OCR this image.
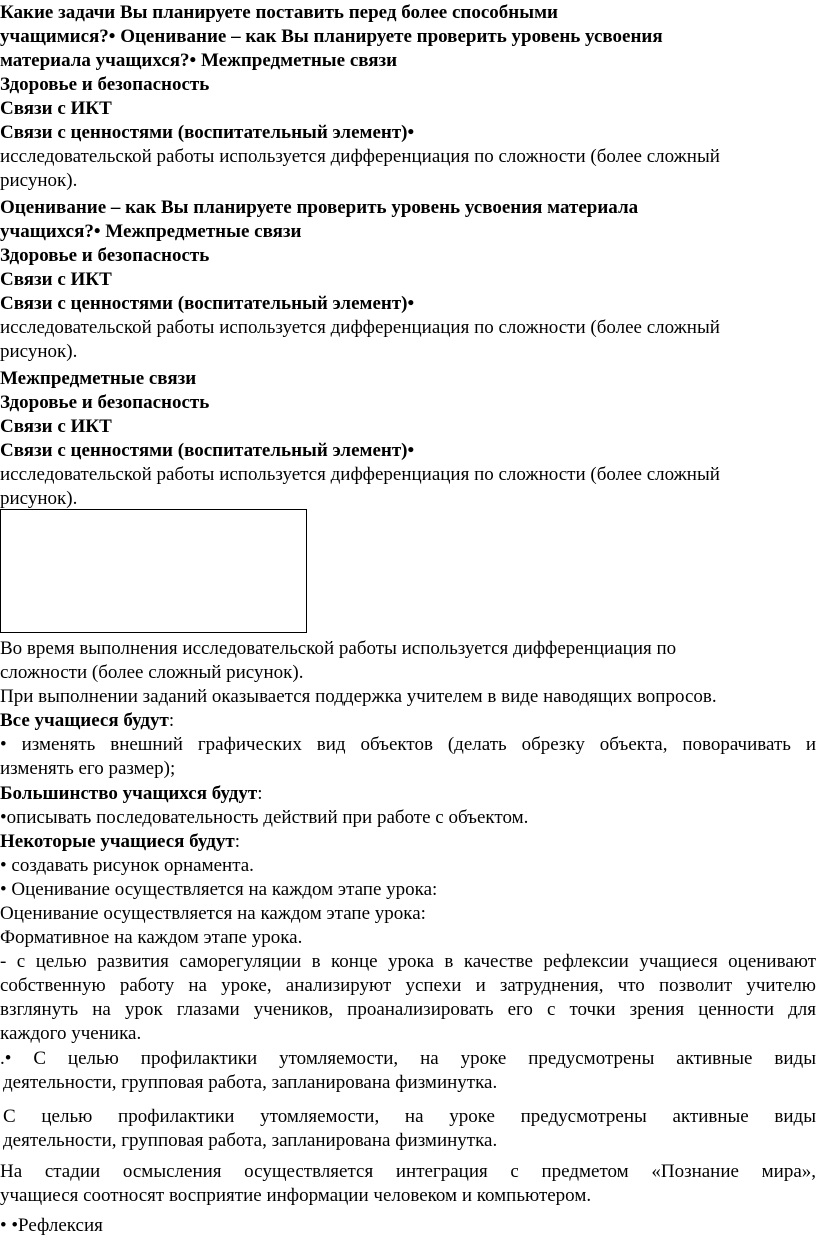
Какие задачи Вы планируете поставить перед более способными
учащимися?• Оценивание – как Вы планируете проверить уровень усвоения
материала учащихся?• Межпредметные связи
Здоровье и безопасность
Связи с ИКТ
Связи с ценностями (воспитательный элемент)•
исследовательской работы используется дифференциация по сложности (более сложный
рисунок).
Оценивание – как Вы планируете проверить уровень усвоения материала
учащихся?• Межпредметные связи
Здоровье и безопасность
Связи с ИКТ
Связи с ценностями (воспитательный элемент)•
исследовательской работы используется дифференциация по сложности (более сложный
рисунок).
Межпредметные связи
Здоровье и безопасность
Связи с ИКТ
Связи с ценностями (воспитательный элемент)•
исследовательской работы используется дифференциация по сложности (более сложный
рисунок).
Во время выполнения исследовательской работы используется дифференциация по
сложности (более сложный рисунок).
При выполнении заданий оказывается поддержка учителем в виде наводящих вопросов.
Все учащиеся будут:
• изменять внешний графических вид объектов (делать обрезку объекта, поворачивать и
изменять его размер);
Большинство учащихся будут:
•описывать последовательность действий при работе с объектом.
Некоторые учащиеся будут:
• создавать рисунок орнамента.
• Оценивание осуществляется на каждом этапе урока:
Оценивание осуществляется на каждом этапе урока:
Формативное на каждом этапе урока.
- с целью развития саморегуляции в конце урока в качестве рефлексии учащиеся оценивают
собственную работу на уроке, анализируют успехи и затруднения, что позволит учителю
взглянуть на урок глазами учеников, проанализировать его с точки зрения ценности для
каждого ученика.
.• С целью профилактики утомляемости, на уроке предусмотрены активные виды
деятельности, групповая работа, запланирована физминутка.
С целью профилактики утомляемости, на уроке предусмотрены активные виды
деятельности, групповая работа, запланирована физминутка.
На стадии осмысления осуществляется интеграция с предметом «Познание мира»,
учащиеся соотносят восприятие информации человеком и компьютером.
• •Рефлексия
